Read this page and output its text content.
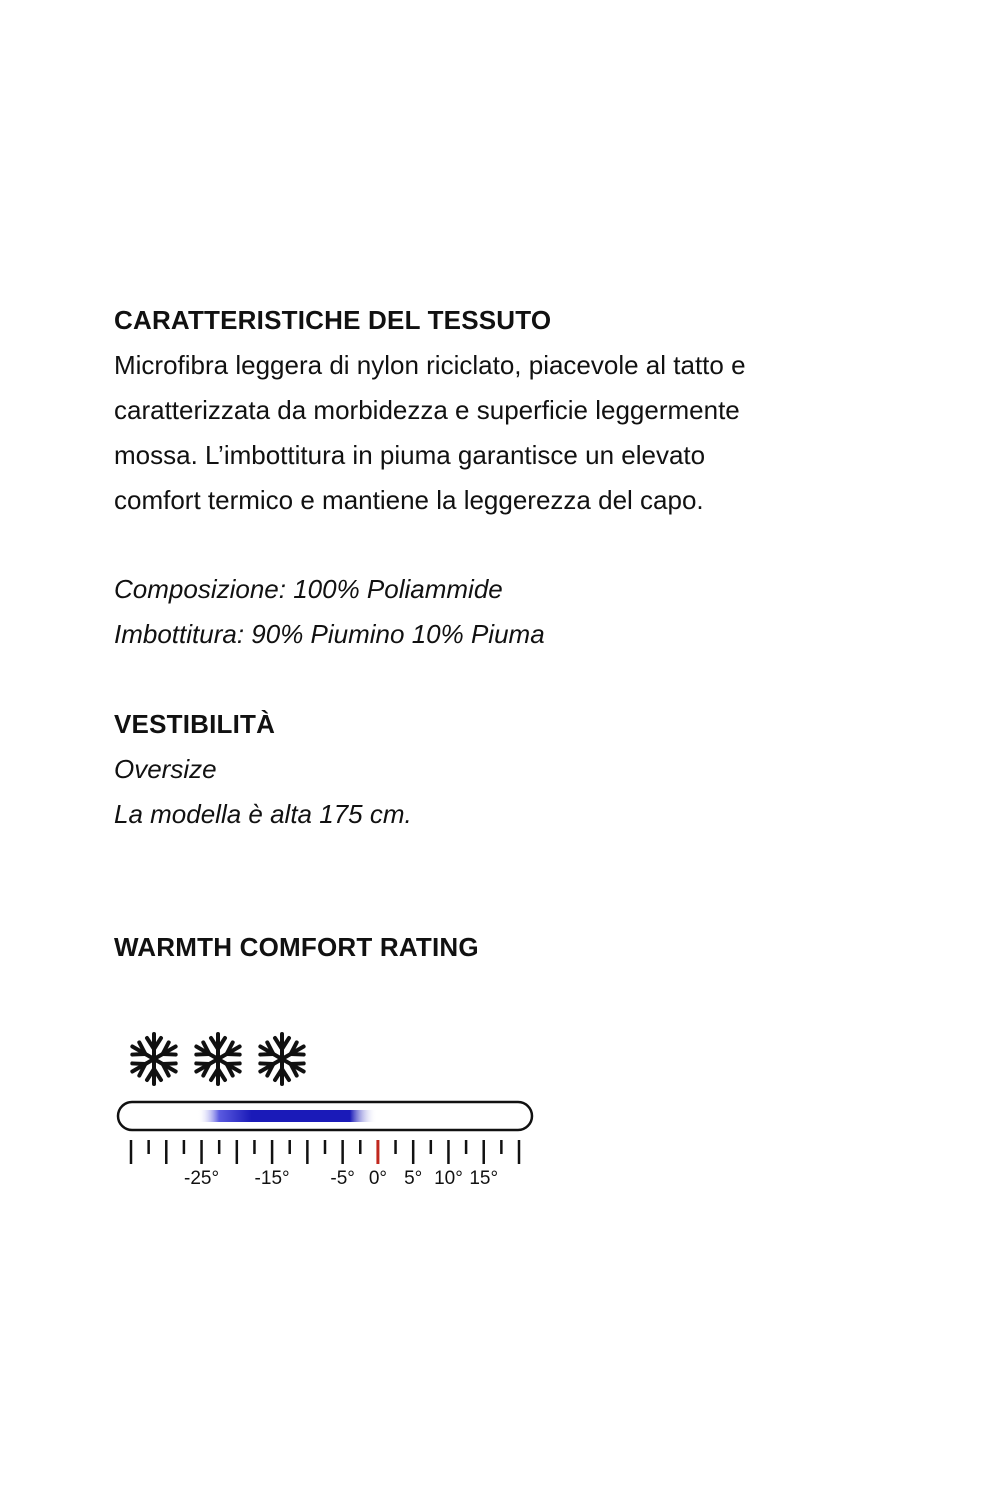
CARATTERISTICHE DEL TESSUTO

Microfibra leggera di nylon riciclato, piacevole al tatto e

caratterizzata da morbidezza e superficie leggermente

mossa. L’imbottitura in piuma garantisce un elevato

comfort termico e mantiene la leggerezza del capo.

Composizione: 100% Poliammide

Imbottitura: 90% Piumino 10% Piuma

VESTIBILITÀ

Oversize

La modella è alta 175 cm.

WARMTH COMFORT RATING

-25° -15° -5° 0° 5° 10° 15°
